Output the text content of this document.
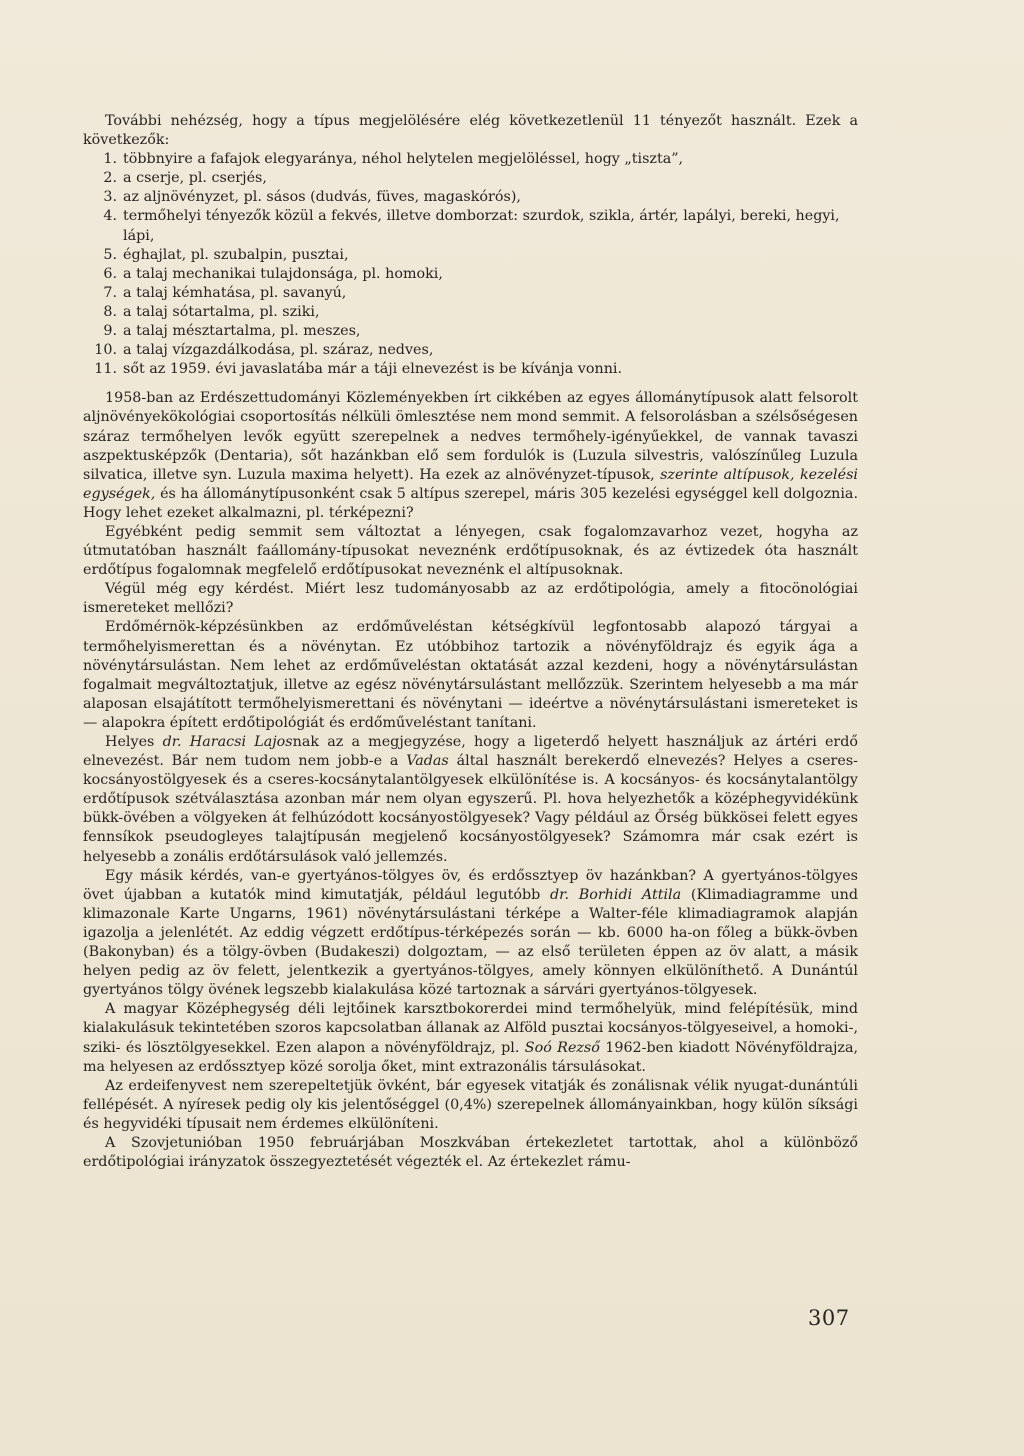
További nehézség, hogy a típus megjelölésére elég következetlenül 11 tényezőt használt. Ezek a következők:

1. többnyire a fafajok elegyaránya, néhol helytelen megjelöléssel, hogy „tiszta”,
2. a cserje, pl. cserjés,
3. az aljnövényzet, pl. sásos (dudvás, füves, magaskórós),
4. termőhelyi tényezők közül a fekvés, illetve domborzat: szurdok, szikla, ártér, lapályi, bereki, hegyi, lápi,
5. éghajlat, pl. szubalpin, pusztai,
6. a talaj mechanikai tulajdonsága, pl. homoki,
7. a talaj kémhatása, pl. savanyú,
8. a talaj sótartalma, pl. sziki,
9. a talaj mésztartalma, pl. meszes,
10. a talaj vízgazdálkodása, pl. száraz, nedves,
11. sőt az 1959. évi javaslatába már a táji elnevezést is be kívánja vonni.

1958-ban az Erdészettudományi Közleményekben írt cikkében az egyes állománytípusok alatt felsorolt aljnövényekökológiai csoportosítás nélküli ömlesztése nem mond semmit. A felsorolásban a szélsőségesen száraz termőhelyen levők együtt szerepelnek a nedves termőhely-igényűekkel, de vannak tavaszi aszpektusképzők (Dentaria), sőt hazánkban elő sem fordulók is (Luzula silvestris, valószínűleg Luzula silvatica, illetve syn. Luzula maxima helyett). Ha ezek az alnövényzet-típusok, szerinte altípusok, kezelési egységek, és ha állománytípusonként csak 5 altípus szerepel, máris 305 kezelési egységgel kell dolgoznia. Hogy lehet ezeket alkalmazni, pl. térképezni?

Egyébként pedig semmit sem változtat a lényegen, csak fogalomzavarhoz vezet, hogyha az útmutatóban használt faállomány-típusokat neveznénk erdőtípusoknak, és az évtizedek óta használt erdőtípus fogalomnak megfelelő erdőtípusokat neveznénk el altípusoknak.

Végül még egy kérdést. Miért lesz tudományosabb az az erdőtipológia, amely a fitocönológiai ismereteket mellőzi?

Erdőmérnök-képzésünkben az erdőműveléstan kétségkívül legfontosabb alapozó tárgyai a termőhelyismerettan és a növénytan. Ez utóbbihoz tartozik a növényföldrajz és egyik ága a növénytársulástan. Nem lehet az erdőműveléstan oktatását azzal kezdeni, hogy a növénytársulástan fogalmait megváltoztatjuk, illetve az egész növénytársulástant mellőzzük. Szerintem helyesebb a ma már alaposan elsajátított termőhelyismerettani és növénytani — ideértve a növénytársulástani ismereteket is — alapokra épített erdőtipológiát és erdőműveléstant tanítani.

Helyes dr. Haracsi Lajosnak az a megjegyzése, hogy a ligeterdő helyett használjuk az ártéri erdő elnevezést. Bár nem tudom nem jobb-e a Vadas által használt berekerdő elnevezés? Helyes a cseres-kocsányostölgyesek és a cseres-kocsánytalantölgyesek elkülönítése is. A kocsányos- és kocsánytalantölgy erdőtípusok szétválasztása azonban már nem olyan egyszerű. Pl. hova helyezhetők a középhegyvidékünk bükk-övében a völgyeken át felhúzódott kocsányostölgyesek? Vagy például az Őrség bükkösei felett egyes fennsíkok pseudogleyes talajtípusán megjelenő kocsányostölgyesek? Számomra már csak ezért is helyesebb a zonális erdőtársulások való jellemzés.

Egy másik kérdés, van-e gyertyános-tölgyes öv, és erdőssztyep öv hazánkban? A gyertyános-tölgyes övet újabban a kutatók mind kimutatják, például legutóbb dr. Borhidi Attila (Klimadiagramme und klimazonale Karte Ungarns, 1961) növénytársulástani térképe a Walter-féle klimadiagramok alapján igazolja a jelenlétét. Az eddig végzett erdőtípus-térképezés során — kb. 6000 ha-on főleg a bükk-övben (Bakonyban) és a tölgy-övben (Budakeszi) dolgoztam, — az első területen éppen az öv alatt, a másik helyen pedig az öv felett, jelentkezik a gyertyános-tölgyes, amely könnyen elkülöníthető. A Dunántúl gyertyános tölgy övének legszebb kialakulása közé tartoznak a sárvári gyertyános-tölgyesek.

A magyar Középhegység déli lejtőinek karsztbokorerdei mind termőhelyük, mind felépítésük, mind kialakulásuk tekintetében szoros kapcsolatban állanak az Alföld pusztai kocsányos-tölgyeseivel, a homoki-, sziki- és lösztölgyesekkel. Ezen alapon a növényföldrajz, pl. Soó Rezső 1962-ben kiadott Növényföldrajza, ma helyesen az erdőssztyep közé sorolja őket, mint extrazonális társulásokat.

Az erdeifenyvest nem szerepeltetjük övként, bár egyesek vitatják és zonálisnak vélik nyugat-dunántúli fellépését. A nyíresek pedig oly kis jelentőséggel (0,4%) szerepelnek állományainkban, hogy külön síksági és hegyvidéki típusait nem érdemes elkülöníteni.

A Szovjetunióban 1950 februárjában Moszkvában értekezletet tartottak, ahol a különböző erdőtipológiai irányzatok összegyeztetését végezték el. Az értekezlet rámu-

307
